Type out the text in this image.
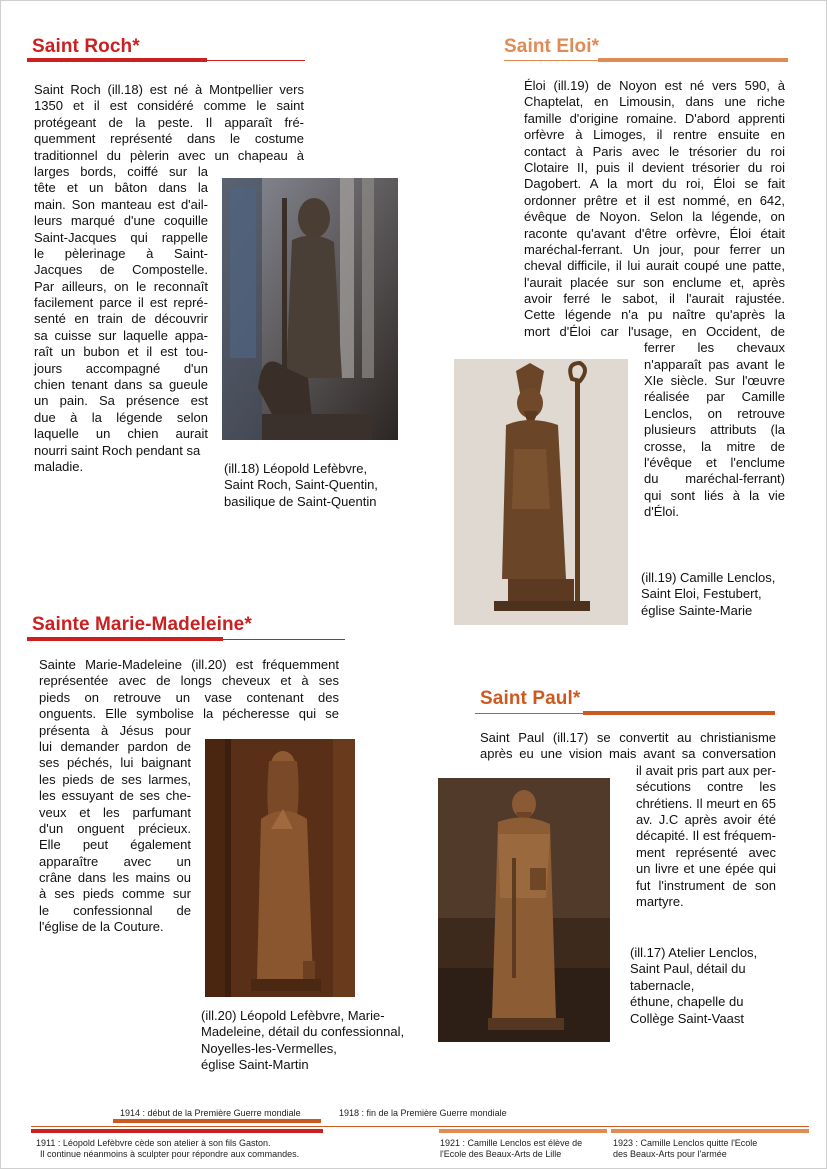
Saint Roch*
Saint Roch (ill.18) est né à Montpellier vers
1350 et il est considéré comme le saint
protégeant de la peste. Il apparaît fré-
quemment représenté dans le costume
traditionnel du pèlerin avec un chapeau à
larges bords, coiffé sur la
tête et un bâton dans la
main. Son manteau est d'ail-
leurs marqué d'une coquille
Saint-Jacques qui rappelle
le pèlerinage à Saint-
Jacques de Compostelle.
Par ailleurs, on le reconnaît
facilement parce il est repré-
senté en train de découvrir
sa cuisse sur laquelle appa-
raît un bubon et il est tou-
jours accompagné d'un
chien tenant dans sa gueule
un pain. Sa présence est
due à la légende selon
laquelle un chien aurait
nourri saint Roch pendant sa
maladie.	(ill.18) Léopold Lefèbvre,
Saint Roch, Saint-Quentin,
basilique de Saint-Quentin
Saint Eloi*
Éloi (ill.19) de Noyon est né vers 590, à
Chaptelat, en Limousin, dans une riche
famille d'origine romaine. D'abord apprenti
orfèvre à Limoges, il rentre ensuite en
contact à Paris avec le trésorier du roi
Clotaire II, puis il devient trésorier du roi
Dagobert. A la mort du roi, Éloi se fait
ordonner prêtre et il est nommé, en 642,
évêque de Noyon. Selon la légende, on
raconte qu'avant d'être orfèvre, Éloi était
maréchal-ferrant. Un jour, pour ferrer un
cheval difficile, il lui aurait coupé une patte,
l'aurait placée sur son enclume et, après
avoir ferré le sabot, il l'aurait rajustée.
Cette légende n'a pu naître qu'après la
mort d'Éloi car l'usage, en Occident, de
ferrer les chevaux
n'apparaît pas avant le
XIe siècle. Sur l'œuvre
réalisée par Camille
Lenclos, on retrouve
plusieurs attributs (la
crosse, la mitre de
l'évêque et l'enclume
du maréchal-ferrant)
qui sont liés à la vie
d'Éloi.
(ill.19) Camille Lenclos,
Saint Eloi, Festubert,
église Sainte-Marie
Sainte Marie-Madeleine*
Sainte Marie-Madeleine (ill.20) est fréquemment
représentée avec de longs cheveux et à ses
pieds on retrouve un vase contenant des
onguents. Elle symbolise la pécheresse qui se
présenta à Jésus pour
lui demander pardon de
ses péchés, lui baignant
les pieds de ses larmes,
les essuyant de ses che-
veux et les parfumant
d'un onguent précieux.
Elle peut également
apparaître avec un
crâne dans les mains ou
à ses pieds comme sur
le confessionnal de
l'église de la Couture.
(ill.20) Léopold Lefèbvre, Marie-
Madeleine, détail du confessionnal,
Noyelles-les-Vermelles,
église Saint-Martin
Saint Paul*
Saint Paul (ill.17) se convertit au christianisme
après eu une vision mais avant sa conversation
il avait pris part aux per-
sécutions contre les
chrétiens. Il meurt en 65
av. J.C après avoir été
décapité. Il est fréquem-
ment représenté avec
un livre et une épée qui
fut l'instrument de son
martyre.
(ill.17) Atelier Lenclos,
Saint Paul, détail du
tabernacle,
éthune, chapelle du
Collège Saint-Vaast
1914 : début de la Première Guerre mondiale	1918 : fin de la Première Guerre mondiale
1911 : Léopold Lefèbvre cède son atelier à son fils Gaston.
Il continue néanmoins à sculpter pour répondre aux commandes.
1921 : Camille Lenclos est élève de
l'Ecole des Beaux-Arts de Lille
1923 : Camille Lenclos quitte l'Ecole
des Beaux-Arts pour l'armée
